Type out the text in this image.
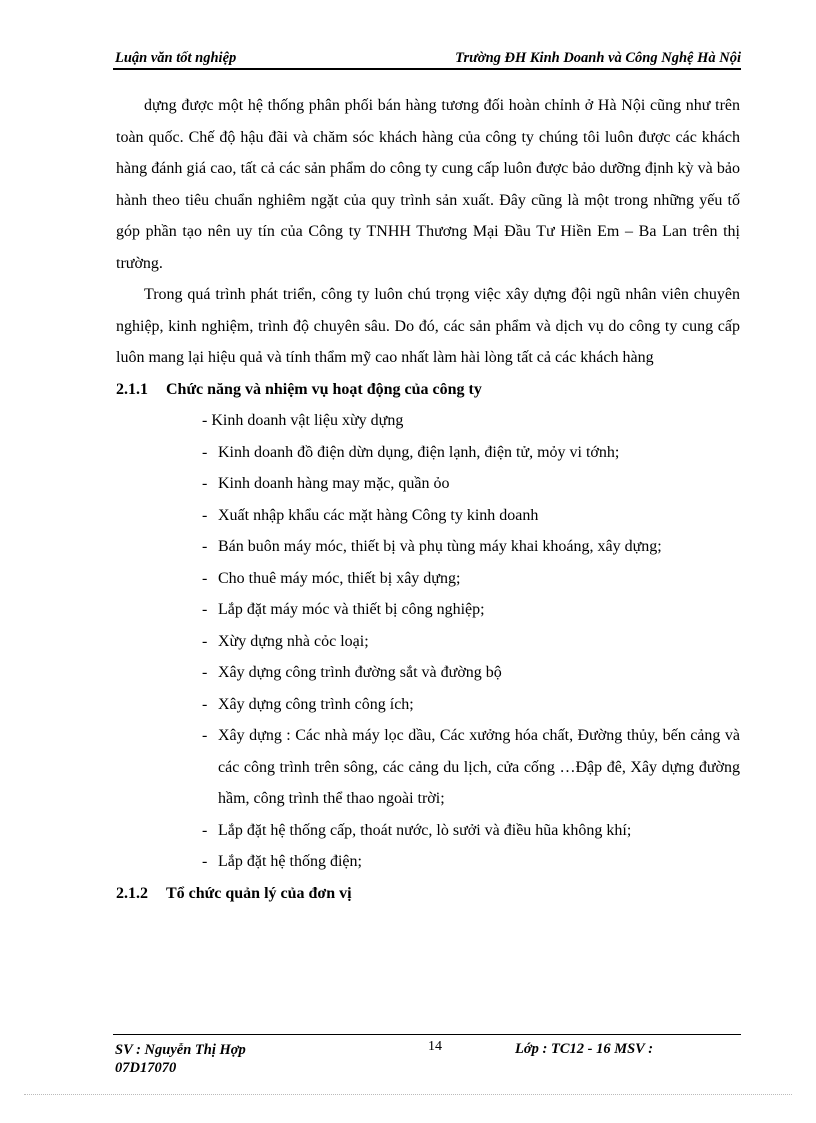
Luận văn tốt nghiệp	Trường ĐH Kinh Doanh và Công Nghệ Hà Nội

dựng được một hệ thống phân phối bán hàng tương đối hoàn chỉnh ở Hà Nội cũng như trên toàn quốc. Chế độ hậu đãi và chăm sóc khách hàng của công ty chúng tôi luôn được các khách hàng đánh giá cao, tất cả các sản phẩm do công ty cung cấp luôn được bảo dưỡng định kỳ và bảo hành theo tiêu chuẩn nghiêm ngặt của quy trình sản xuất. Đây cũng là một trong những yếu tố góp phần tạo nên uy tín của Công ty TNHH Thương Mại Đầu Tư Hiền Em – Ba Lan trên thị trường.

Trong quá trình phát triển, công ty luôn chú trọng việc xây dựng đội ngũ nhân viên chuyên nghiệp, kinh nghiệm, trình độ chuyên sâu. Do đó, các sản phẩm và dịch vụ do công ty cung cấp luôn mang lại hiệu quả và tính thẩm mỹ cao nhất làm hài lòng tất cả các khách hàng

2.1.1 Chức năng và nhiệm vụ hoạt động của công ty

- Kinh doanh vật liệu xừy dựng
- Kinh doanh đồ điện dừn dụng, điện lạnh, điện tử, mỏy vi tớnh;
- Kinh doanh hàng may mặc, quần ỏo
- Xuất nhập khẩu các mặt hàng Công ty kinh doanh
- Bán buôn máy móc, thiết bị và phụ tùng máy khai khoáng, xây dựng;
- Cho thuê máy móc, thiết bị xây dựng;
- Lắp đặt máy móc và thiết bị công nghiệp;
- Xừy dựng nhà cỏc loại;
- Xây dựng công trình đường sắt và đường bộ
- Xây dựng công trình công ích;
- Xây dựng : Các nhà máy lọc dầu, Các xưởng hóa chất, Đường thủy, bến cảng và các công trình trên sông, các cảng du lịch, cửa cống …Đập đê, Xây dựng đường hầm, công trình thể thao ngoài trời;
- Lắp đặt hệ thống cấp, thoát nước, lò sưởi và điều hũa không khí;
- Lắp đặt hệ thống điện;

2.1.2 Tổ chức quản lý của đơn vị

SV : Nguyễn Thị Hợp
07D17070
14	Lớp : TC12 - 16 MSV :
